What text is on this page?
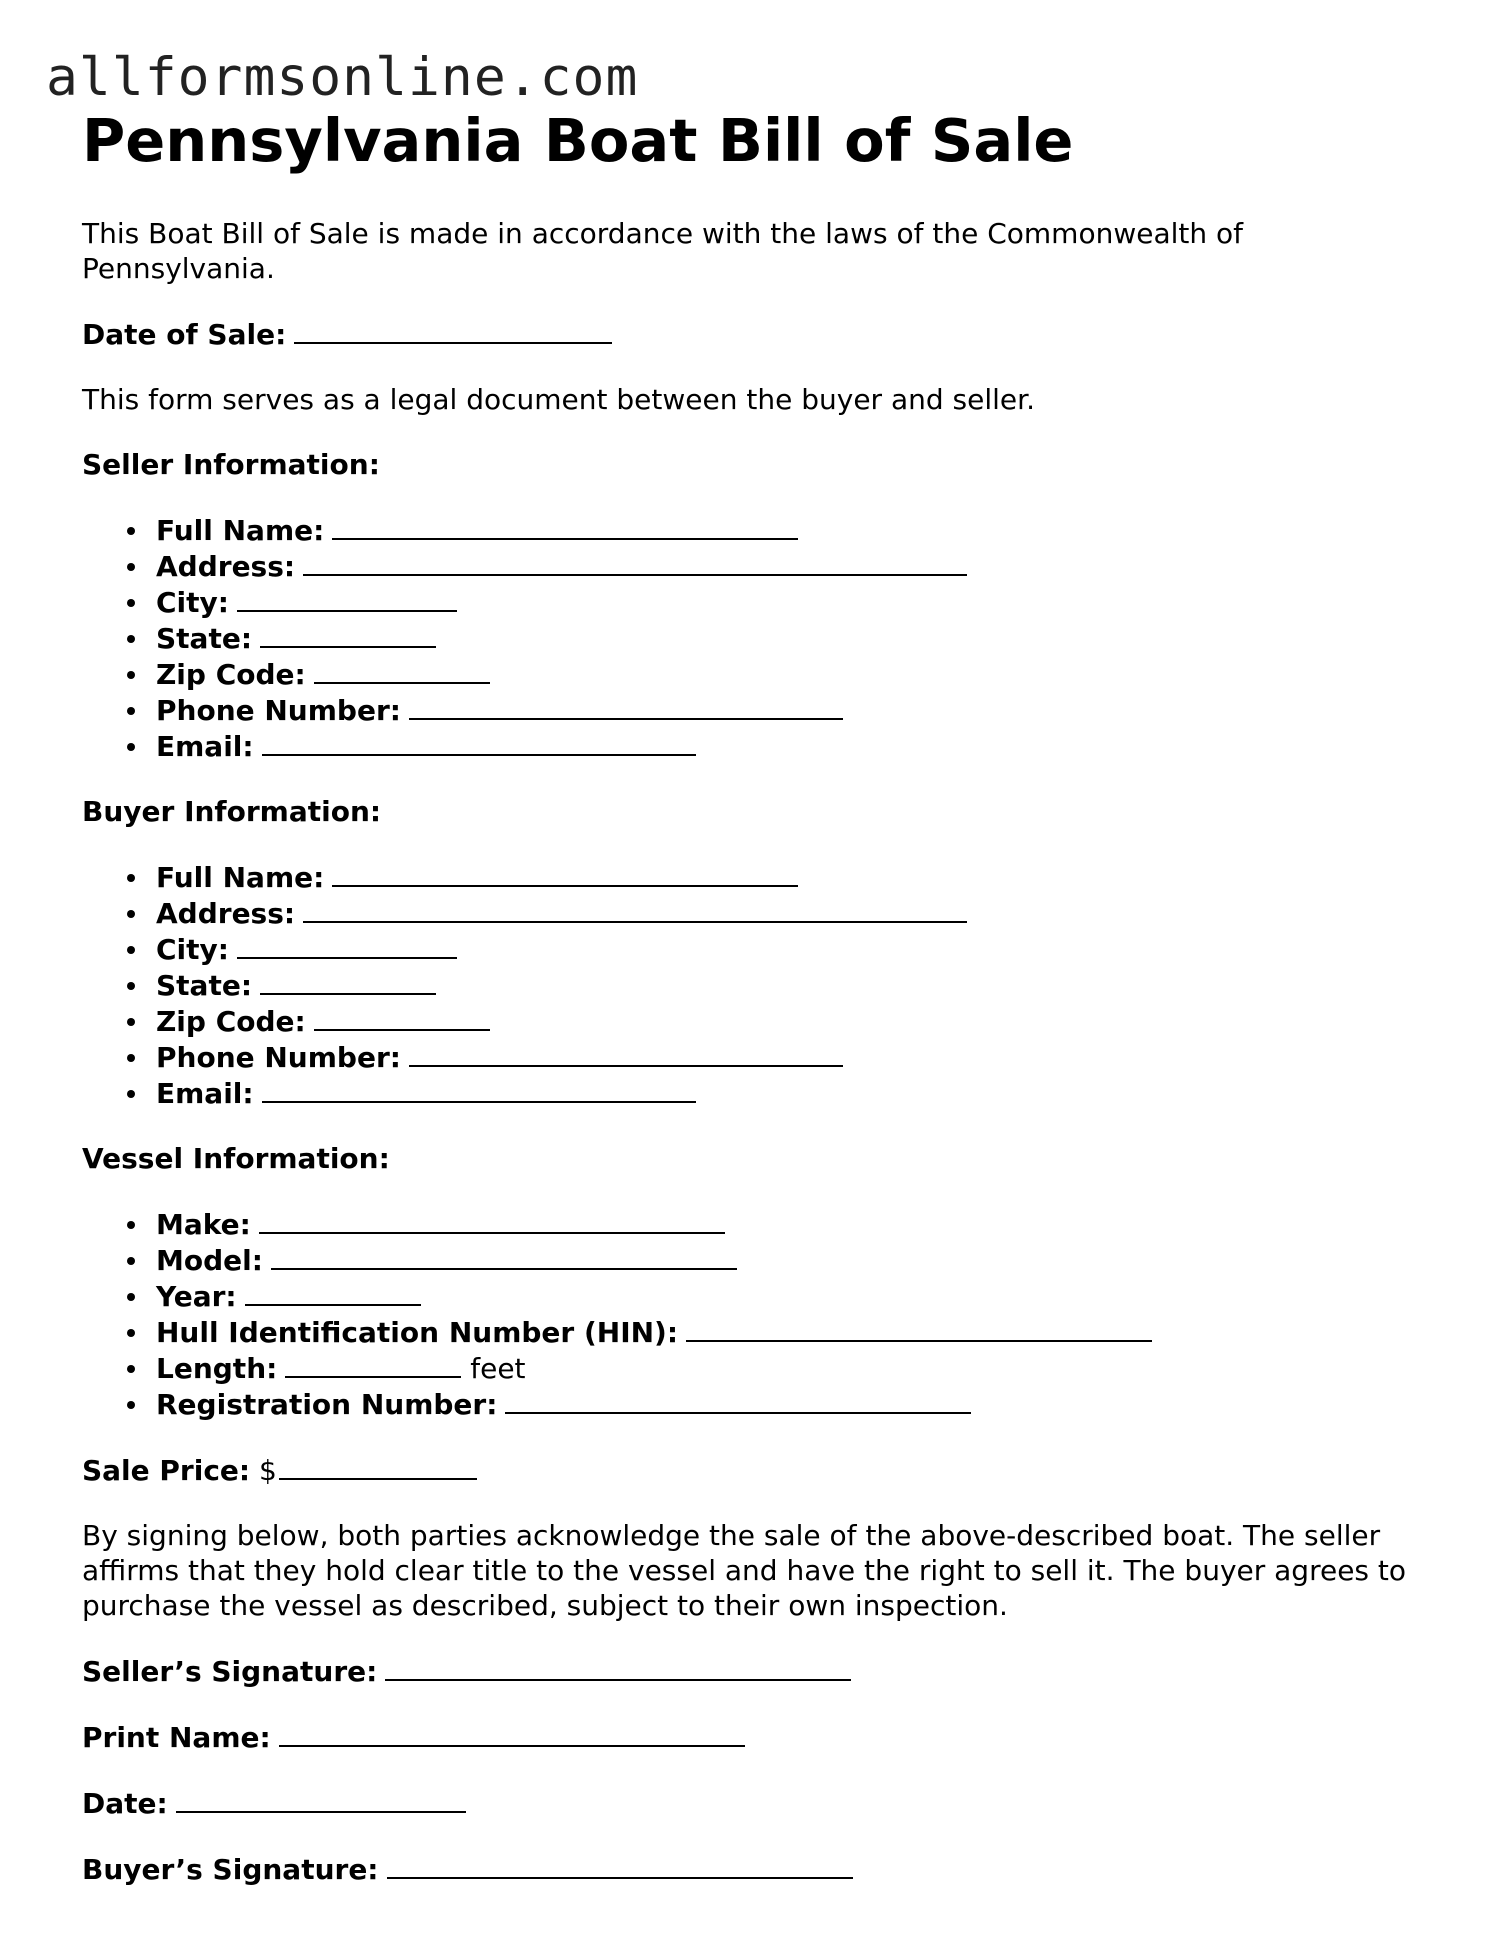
allformsonline.com
Pennsylvania Boat Bill of Sale

This Boat Bill of Sale is made in accordance with the laws of the Commonwealth of Pennsylvania.

Date of Sale:

This form serves as a legal document between the buyer and seller.

Seller Information:

Full Name:
Address:
City:
State:
Zip Code:
Phone Number:
Email:

Buyer Information:

Full Name:
Address:
City:
State:
Zip Code:
Phone Number:
Email:

Vessel Information:

Make:
Model:
Year:
Hull Identification Number (HIN):
Length:	feet
Registration Number:

Sale Price: $

By signing below, both parties acknowledge the sale of the above-described boat. The seller affirms that they hold clear title to the vessel and have the right to sell it. The buyer agrees to purchase the vessel as described, subject to their own inspection.

Seller’s Signature:

Print Name:

Date:

Buyer’s Signature:
